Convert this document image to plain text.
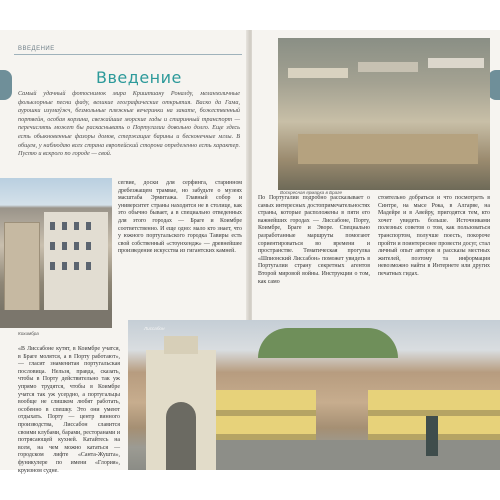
ВВЕДЕНИЕ
Введение

Самый удачный фотоснимок мира Криштиану Роналду, меланхоличные фольклорные песни фаду, великие географические открытия. Васко да Гама, аурошки изумаўжч, безмольные пляжные вечеринки на закате, божественный портвейн, особая корзина, свежайшие морские гады и старинный транспорт — перечислять может бы раскаснывать о Португалии довольно долго. Еще здесь есть обыкновенные фазоры домов, стержащие барины и бесконечные мглы. В общем, у наблюдаю всех страна европейский сторона определенно есть характер. Пустю и вскрого по городе — свой.

Кохимбра

сегвие, доски для серфинга, старинном дребезжащем трамвае, но забудьте о музеях масштаба Эрмитажа. Главный собор и университет страны находятся не в столице, как это обычно бывает, а в специально отведенных для этого городах — Браге и Коимбре соответственно. И еще одно: мало кто знает, что у южного португальского городка Тавиры есть свой собственный «стоунхендж» — древнейшее произведение искусства из гигантских камней.

«В Лиссабоне кутят, в Коимбре учатся, в Браге молятся, а в Порту работают», — гласит знаменитая португальская пословица. Нельзя, правда, сказать, чтобы в Порту действительно так уж упрямо трудятся, чтобы в Коимбре учатся так уж усердно, а португальцы вообще не слишком любят работать, особенно в спешку. Это они умеют отдыхать. Порту — центр винного производства, Лиссабон славится своими клубами, барами, ресторанами и потрясающей кухней. Катайтесь на всем, на чем можно кататься — городском лифте «Санта-Жушта», фуникулере по имени «Глория», круизном судне.

Воскресная ярмарка в Браге

По Португалии подробно рассказывает о самых интересных достопримечательностях страны, которые расположены в пяти его важнейших городах — Лиссабоне, Порту, Коимбре, Браге и Эворе. Специально разработанные маршруты помогают сориентироваться во времени и пространстве. Тематическая прогулка «Шпионский Лиссабон» поможет увидеть в Португалии страну секретных агентов Второй мировой войны. Инструкции о том, как само

стоятельно добраться и что посмотреть в Синтре, на мысе Рока, в Алгарве, на Мадейре и в Авейру, пригодятся тем, кто хочет увидеть больше. Источниками полезных советов о том, как пользоваться транспортом, получше поесть, покороче пройти и поинтереснее провести досуг, стал личный опыт авторов и рассказы местных жителей, поэтому та информация невозможно найти в Интернете или других печатных гидах.

Лиссабон
